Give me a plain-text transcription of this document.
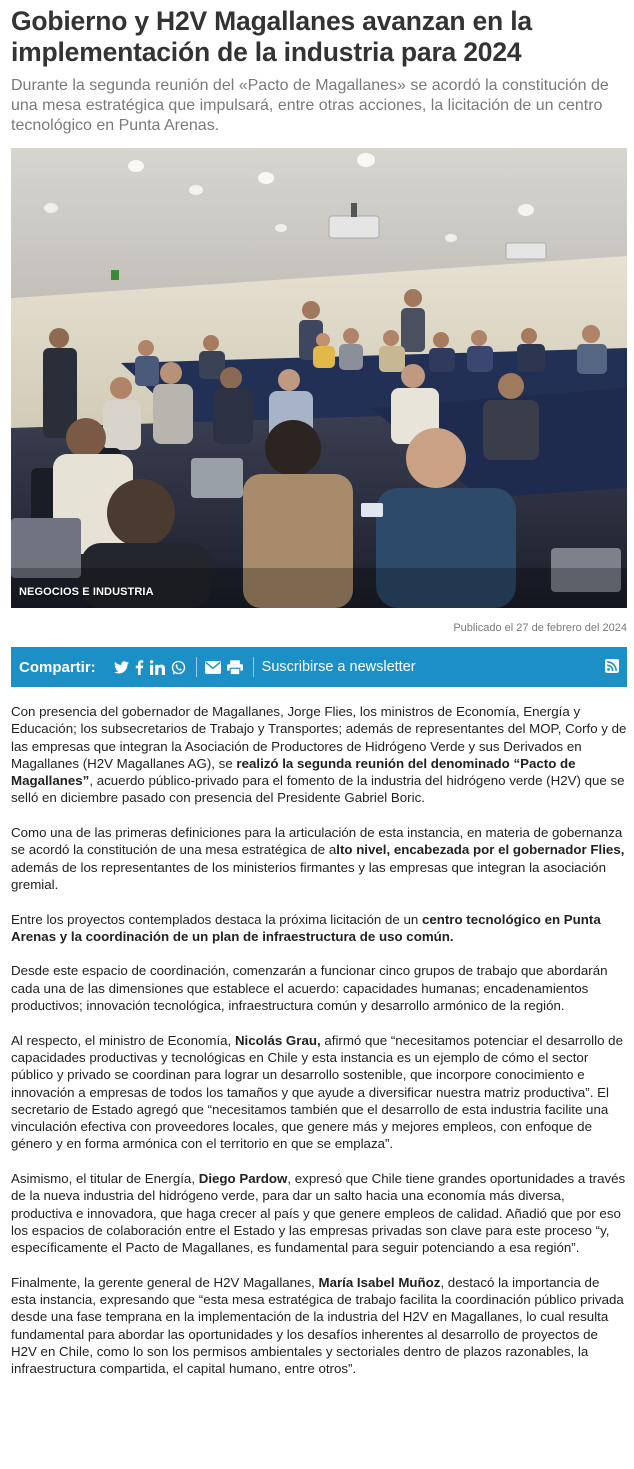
Gobierno y H2V Magallanes avanzan en la implementación de la industria para 2024

Durante la segunda reunión del «Pacto de Magallanes» se acordó la constitución de una mesa estratégica que impulsará, entre otras acciones, la licitación de un centro tecnológico en Punta Arenas.

NEGOCIOS E INDUSTRIA
Publicado el 27 de febrero del 2024
Compartir:	Suscribirse a newsletter

Con presencia del gobernador de Magallanes, Jorge Flies, los ministros de Economía, Energía y Educación; los subsecretarios de Trabajo y Transportes; además de representantes del MOP, Corfo y de las empresas que integran la Asociación de Productores de Hidrógeno Verde y sus Derivados en Magallanes (H2V Magallanes AG), se realizó la segunda reunión del denominado “Pacto de Magallanes”, acuerdo público-privado para el fomento de la industria del hidrógeno verde (H2V) que se selló en diciembre pasado con presencia del Presidente Gabriel Boric.

Como una de las primeras definiciones para la articulación de esta instancia, en materia de gobernanza se acordó la constitución de una mesa estratégica de alto nivel, encabezada por el gobernador Flies, además de los representantes de los ministerios firmantes y las empresas que integran la asociación gremial.

Entre los proyectos contemplados destaca la próxima licitación de un centro tecnológico en Punta Arenas y la coordinación de un plan de infraestructura de uso común.

Desde este espacio de coordinación, comenzarán a funcionar cinco grupos de trabajo que abordarán cada una de las dimensiones que establece el acuerdo: capacidades humanas; encadenamientos productivos; innovación tecnológica, infraestructura común y desarrollo armónico de la región.

Al respecto, el ministro de Economía, Nicolás Grau, afirmó que “necesitamos potenciar el desarrollo de capacidades productivas y tecnológicas en Chile y esta instancia es un ejemplo de cómo el sector público y privado se coordinan para lograr un desarrollo sostenible, que incorpore conocimiento e innovación a empresas de todos los tamaños y que ayude a diversificar nuestra matriz productiva”. El secretario de Estado agregó que “necesitamos también que el desarrollo de esta industria facilite una vinculación efectiva con proveedores locales, que genere más y mejores empleos, con enfoque de género y en forma armónica con el territorio en que se emplaza”.

Asimismo, el titular de Energía, Diego Pardow, expresó que Chile tiene grandes oportunidades a través de la nueva industria del hidrógeno verde, para dar un salto hacia una economía más diversa, productiva e innovadora, que haga crecer al país y que genere empleos de calidad. Añadió que por eso los espacios de colaboración entre el Estado y las empresas privadas son clave para este proceso “y, específicamente el Pacto de Magallanes, es fundamental para seguir potenciando a esa región”.

Finalmente, la gerente general de H2V Magallanes, María Isabel Muñoz, destacó la importancia de esta instancia, expresando que “esta mesa estratégica de trabajo facilita la coordinación público privada desde una fase temprana en la implementación de la industria del H2V en Magallanes, lo cual resulta fundamental para abordar las oportunidades y los desafíos inherentes al desarrollo de proyectos de H2V en Chile, como lo son los permisos ambientales y sectoriales dentro de plazos razonables, la infraestructura compartida, el capital humano, entre otros”.
